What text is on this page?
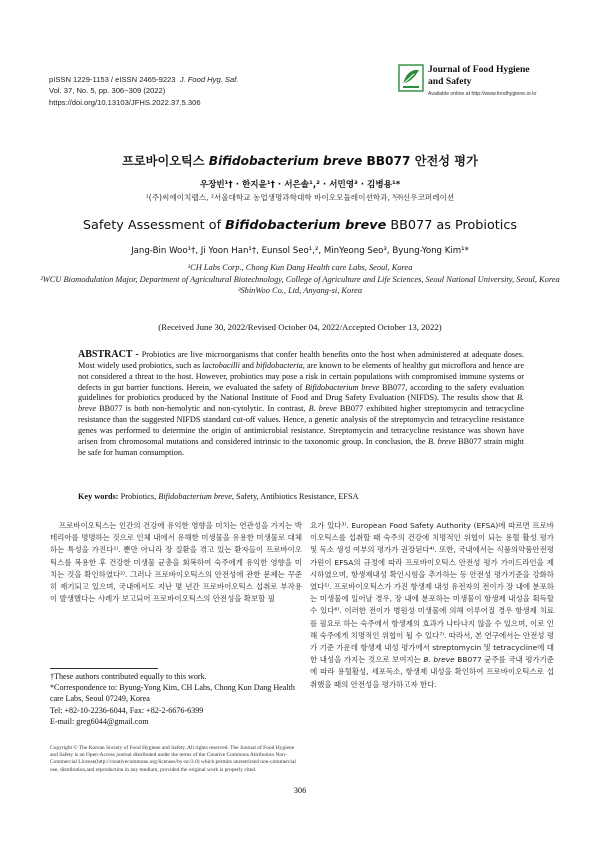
pISSN 1229-1153 / eISSN 2465-9223 J. Food Hyg. Saf.
Vol. 37, No. 5, pp. 306~309 (2022)
https://doi.org/10.13103/JFHS.2022.37.5.306
Journal of Food Hygiene
and Safety
Available online at http://www.foodhygiene.or.kr
프로바이오틱스 Bifidobacterium breve BB077 안전성 평가
우장빈¹† · 한지윤¹† · 서은솔¹,² · 서민영³ · 김병용¹*
¹(주)씨에이치랩스, ²서울대학교 농업생명과학대학 바이오모듈레이션학과, ³㈜신우코퍼레이션
Safety Assessment of Bifidobacterium breve BB077 as Probiotics
Jang-Bin Woo¹†, Ji Yoon Han¹†, Eunsol Seo¹,², MinYeong Seo³, Byung-Yong Kim¹*
¹CH Labs Corp., Chong Kun Dang Health care Labs, Seoul, Korea
²WCU Biomodulation Major, Department of Agricultural Biotechnology, College of Agriculture and Life Sciences, Seoul National University, Seoul, Korea
³ShinWoo Co., Ltd, Anyang-si, Korea
(Received June 30, 2022/Revised October 04, 2022/Accepted October 13, 2022)
ABSTRACT - Probiotics are live microorganisms that confer health benefits onto the host when administered at adequate doses. Most widely used probiotics, such as lactobacilli and bifidobacteria, are known to be elements of healthy gut microflora and hence are not considered a threat to the host. However, probiotics may pose a risk in certain populations with compromised immune systems or defects in gut barrier functions. Herein, we evaluated the safety of Bifidobacterium breve BB077, according to the safety evaluation guidelines for probiotics produced by the National Institute of Food and Drug Safety Evaluation (NIFDS). The results show that B. breve BB077 is both non-hemolytic and non-cytolytic. In contrast, B. breve BB077 exhibited higher streptomycin and tetracycline resistance than the suggested NIFDS standard cut-off values. Hence, a genetic analysis of the streptomycin and tetracycline resistance genes was performed to determine the origin of antimicrobial resistance. Streptomycin and tetracycline resistance was shown have arisen from chromosomal mutations and considered intrinsic to the taxonomic group. In conclusion, the B. breve BB077 strain might be safe for human consumption.
Key words: Probiotics, Bifidobacterium breve, Safety, Antibiotics Resistance, EFSA
프로바이오틱스는 인간의 건강에 유익한 영향을 미치는 연관성을 가지는 박테리아를 명명하는 것으로 인체 내에서 유해한 미생물을 유용한 미생물로 대체하는 특성을 가진다¹⁾. 뿐만 아니라 장 질환을 겪고 있는 환자들이 프로바이오틱스를 복용한 후 건강한 미생물 균총을 회복하여 숙주에게 유익한 영향을 미치는 것을 확인하였다²⁾. 그러나 프로바이오틱스의 안전성에 관한 문제는 꾸준히 제기되고 있으며, 국내에서도 지난 몇 년간 프로바이오틱스 섭취로 부작용이 발생했다는 사례가 보고되어 프로바이오틱스의 안전성을 확보할 필
요가 있다³⁾. European Food Safety Authority (EFSA)에 따르면 프로바이오틱스를 섭취할 때 숙주의 건강에 치명적인 위협이 되는 용혈 활성 평가 및 독소 생성 여부의 평가가 권장된다⁴⁾. 또한, 국내에서는 식품의약품안전평가원이 EFSA의 규정에 따라 프로바이오틱스 안전성 평가 가이드라인을 제시하였으며, 항생제내성 확인시험을 추가하는 등 안전성 평가기준을 강화하였다⁵⁾. 프로바이오틱스가 가진 항생제 내성 유전자의 전이가 장 내에 분포하는 미생물에 일어날 경우, 장 내에 분포하는 미생물이 항생제 내성을 획득할 수 있다⁶⁾. 이러한 전이가 병원성 미생물에 의해 이루어질 경우 항생제 치료를 필요로 하는 숙주에서 항생제의 효과가 나타나지 않을 수 있으며, 이로 인해 숙주에게 치명적인 위협이 될 수 있다⁷⁾. 따라서, 본 연구에서는 안전성 평가 기준 가운데 항생제 내성 평가에서 streptomycin 및 tetracycline에 대한 내성을 가지는 것으로 보여지는 B. breve BB077 균주를 국내 평가기준에 따라 용혈활성, 세포독소, 항생제 내성을 확인하여 프로바이오틱스로 섭취했을 때의 안전성을 평가하고자 한다.
†These authors contributed equally to this work.
*Correspondence to: Byung-Yong Kim, CH Labs, Chong Kun Dang Health care Labs, Seoul 07249, Korea
Tel: +82-10-2236-6044, Fax: +82-2-6676-6399
E-mail: greg6044@gmail.com
Copyright © The Korean Society of Food Hygiene and Safety. All rights reserved. The Journal of Food Hygiene and Safety is an Open-Access journal distributed under the terms of the Creative Commons Attribution Non-Commercial License(http://creativecommons.org/licenses/by-nc/3.0) which permits unrestricted non-commercial use, distribution,and reproduction in any medium, provided the original work is properly cited.
306
